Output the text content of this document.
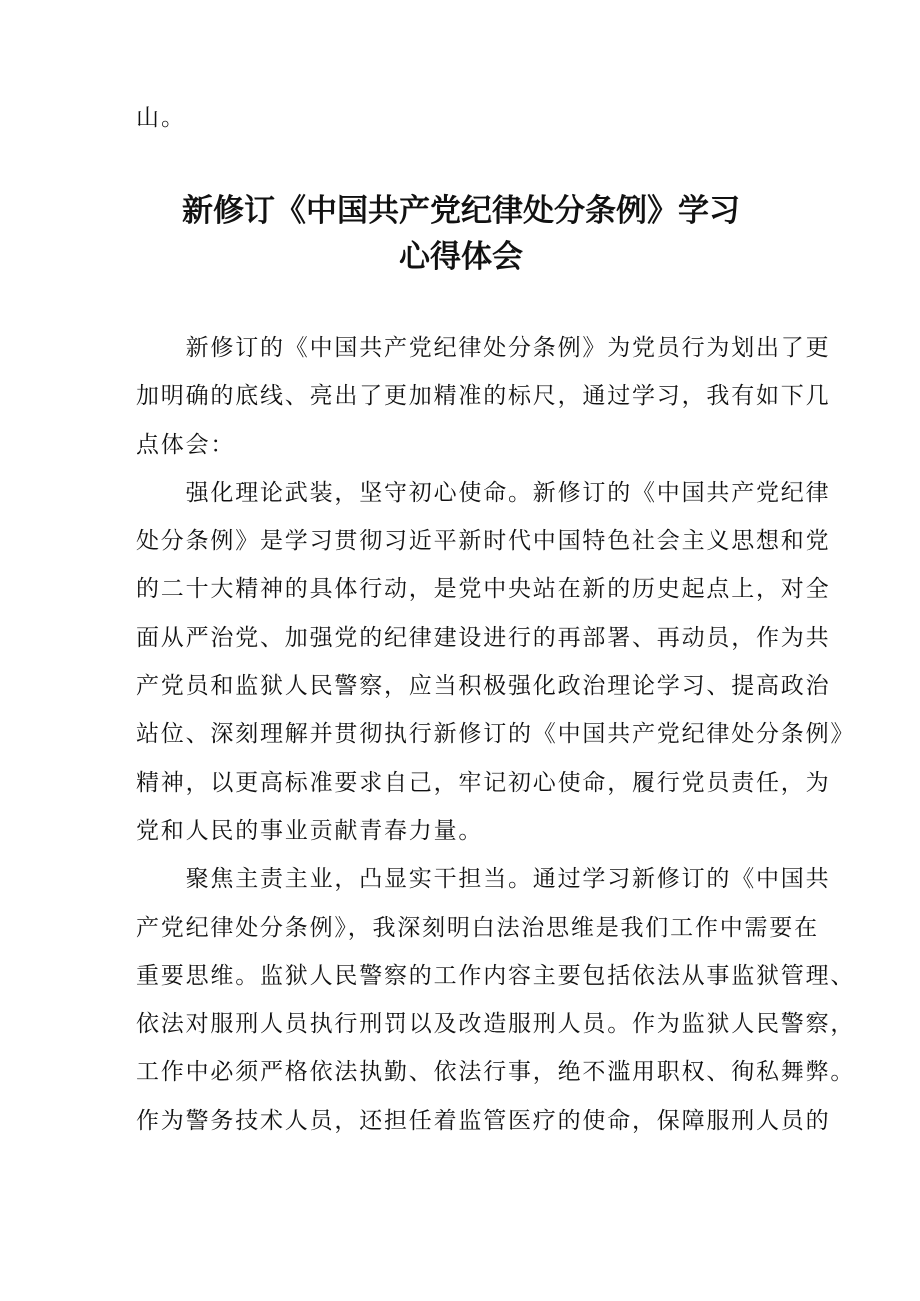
山。

新修订《中国共产党纪律处分条例》学习
心得体会

　　新修订的《中国共产党纪律处分条例》为党员行为划出了更
加明确的底线、亮出了更加精准的标尺，通过学习，我有如下几
点体会：

　　强化理论武装，坚守初心使命。新修订的《中国共产党纪律
处分条例》是学习贯彻习近平新时代中国特色社会主义思想和党
的二十大精神的具体行动，是党中央站在新的历史起点上，对全
面从严治党、加强党的纪律建设进行的再部署、再动员，作为共
产党员和监狱人民警察，应当积极强化政治理论学习、提高政治
站位、深刻理解并贯彻执行新修订的《中国共产党纪律处分条例》
精神，以更高标准要求自己，牢记初心使命，履行党员责任，为
党和人民的事业贡献青春力量。

　　聚焦主责主业，凸显实干担当。通过学习新修订的《中国共
产党纪律处分条例》，我深刻明白法治思维是我们工作中需要在
重要思维。监狱人民警察的工作内容主要包括依法从事监狱管理、
依法对服刑人员执行刑罚以及改造服刑人员。作为监狱人民警察，
工作中必须严格依法执勤、依法行事，绝不滥用职权、徇私舞弊。
作为警务技术人员，还担任着监管医疗的使命，保障服刑人员的
